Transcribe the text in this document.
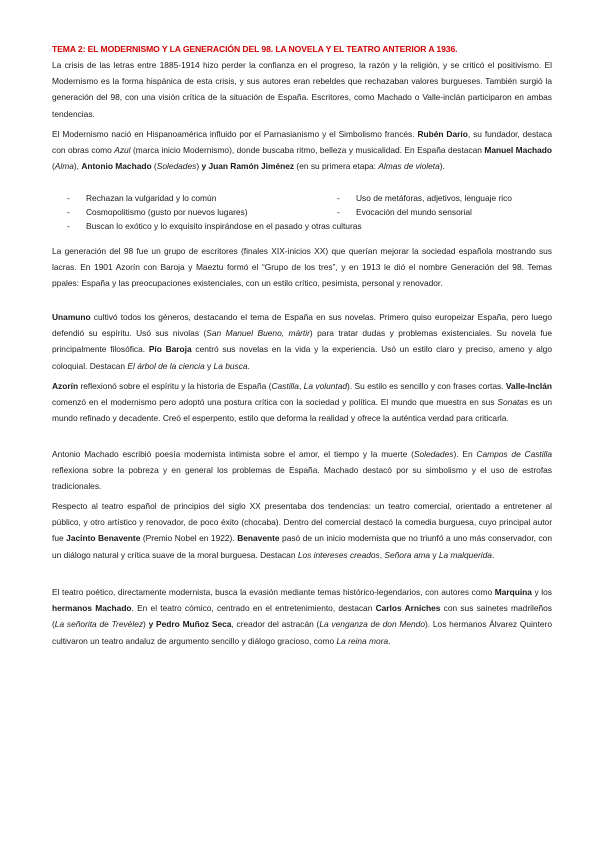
TEMA 2: EL MODERNISMO Y LA GENERACIÓN DEL 98. LA NOVELA Y EL TEATRO ANTERIOR A 1936.
La crisis de las letras entre 1885-1914 hizo perder la confianza en el progreso, la razón y la religión, y se criticó el positivismo. El Modernismo es la forma hispánica de esta crisis, y sus autores eran rebeldes que rechazaban valores burgueses. También surgió la generación del 98, con una visión crítica de la situación de España. Escritores, como Machado o Valle-inclán participaron en ambas tendencias.
El Modernismo nació en Hispanoamérica influido por el Parnasianismo y el Simbolismo francés. Rubén Darío, su fundador, destaca con obras como Azul (marca inicio Modernismo), donde buscaba ritmo, belleza y musicalidad. En España destacan Manuel Machado (Alma), Antonio Machado (Soledades) y Juan Ramón Jiménez (en su primera etapa: Almas de violeta).
- Rechazan la vulgaridad y lo común	- Uso de metáforas, adjetivos, lenguaje rico
- Cosmopolitismo (gusto por nuevos lugares)	- Evocación del mundo sensorial
- Buscan lo exótico y lo exquisito inspirándose en el pasado y otras culturas
La generación del 98 fue un grupo de escritores (finales XIX-inicios XX) que querían mejorar la sociedad española mostrando sus lacras. En 1901 Azorín con Baroja y Maeztu formó el “Grupo de los tres”, y en 1913 le dió el nombre Generación del 98. Temas ppales: España y las preocupaciones existenciales, con un estilo crítico, pesimista, personal y renovador.
Unamuno cultivó todos los géneros, destacando el tema de España en sus novelas. Primero quiso europeizar España, pero luego defendió su espíritu. Usó sus nivolas (San Manuel Bueno, mártir) para tratar dudas y problemas existenciales. Su novela fue principalmente filosófica. Pío Baroja centró sus novelas en la vida y la experiencia. Usó un estilo claro y preciso, ameno y algo coloquial. Destacan El árbol de la ciencia y La busca.
Azorín reflexionó sobre el espíritu y la historia de España (Castilla, La voluntad). Su estilo es sencillo y con frases cortas. Valle-Inclán comenzó en el modernismo pero adoptó una postura crítica con la sociedad y política. El mundo que muestra en sus Sonatas es un mundo refinado y decadente. Creó el esperpento, estilo que deforma la realidad y ofrece la auténtica verdad para criticarla.
Antonio Machado escribió poesía modernista intimista sobre el amor, el tiempo y la muerte (Soledades). En Campos de Castilla reflexiona sobre la pobreza y en general los problemas de España. Machado destacó por su simbolismo y el uso de estrofas tradicionales.
Respecto al teatro español de principios del siglo XX presentaba dos tendencias: un teatro comercial, orientado a entretener al público, y otro artístico y renovador, de poco éxito (chocaba). Dentro del comercial destacó la comedia burguesa, cuyo principal autor fue Jacinto Benavente (Premio Nobel en 1922). Benavente pasó de un inicio modernista que no triunfó a uno más conservador, con un diálogo natural y crítica suave de la moral burguesa. Destacan Los intereses creados, Señora ama y La malquerida.
El teatro poético, directamente modernista, busca la evasión mediante temas histórico-legendarios, con autores como Marquina y los hermanos Machado. En el teatro cómico, centrado en el entretenimiento, destacan Carlos Arniches con sus sainetes madrileños (La señorita de Trevélez) y Pedro Muñoz Seca, creador del astracán (La venganza de don Mendo). Los hermanos Álvarez Quintero cultivaron un teatro andaluz de argumento sencillo y diálogo gracioso, como La reina mora.
